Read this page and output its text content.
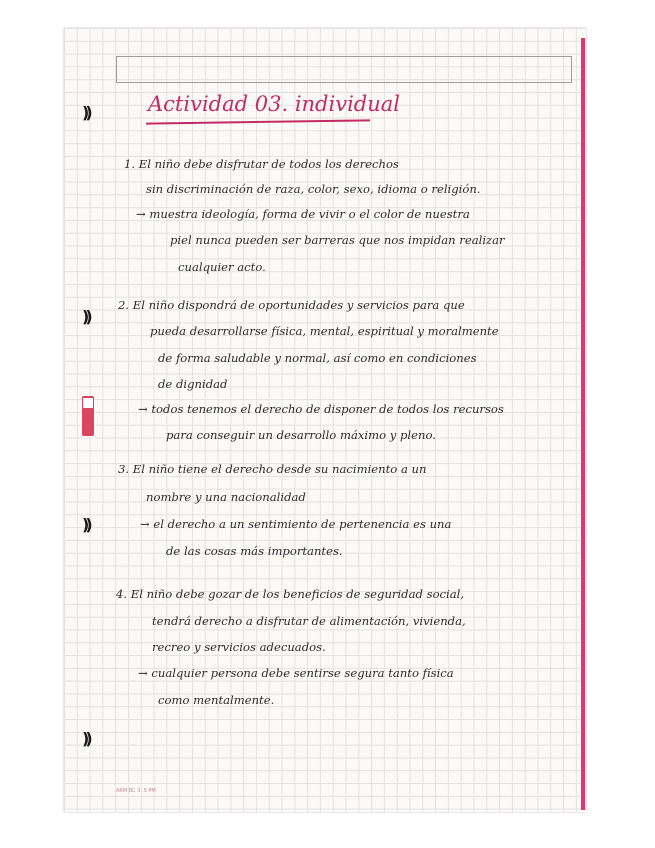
))
))
))
))
Actividad 03. individual

1. El niño debe disfrutar de todos los derechos

sin discriminación de raza, color, sexo, idioma o religión.

→ muestra ideología, forma de vivir o el color de nuestra

piel nunca pueden ser barreras que nos impidan realizar

cualquier acto.

2. El niño dispondrá de oportunidades y servicios para que

pueda desarrollarse física, mental, espiritual y moralmente

de forma saludable y normal, así como en condiciones

de dignidad

→ todos tenemos el derecho de disponer de todos los recursos

para conseguir un desarrollo máximo y pleno.

3. El niño tiene el derecho desde su nacimiento a un

nombre y una nacionalidad

→ el derecho a un sentimiento de pertenencia es una

de las cosas más importantes.

4. El niño debe gozar de los beneficios de seguridad social,

tendrá derecho a disfrutar de alimentación, vivienda,

recreo y servicios adecuados.

→ cualquier persona debe sentirse segura tanto física

como mentalmente.

ARM BC 3 .5 PM
